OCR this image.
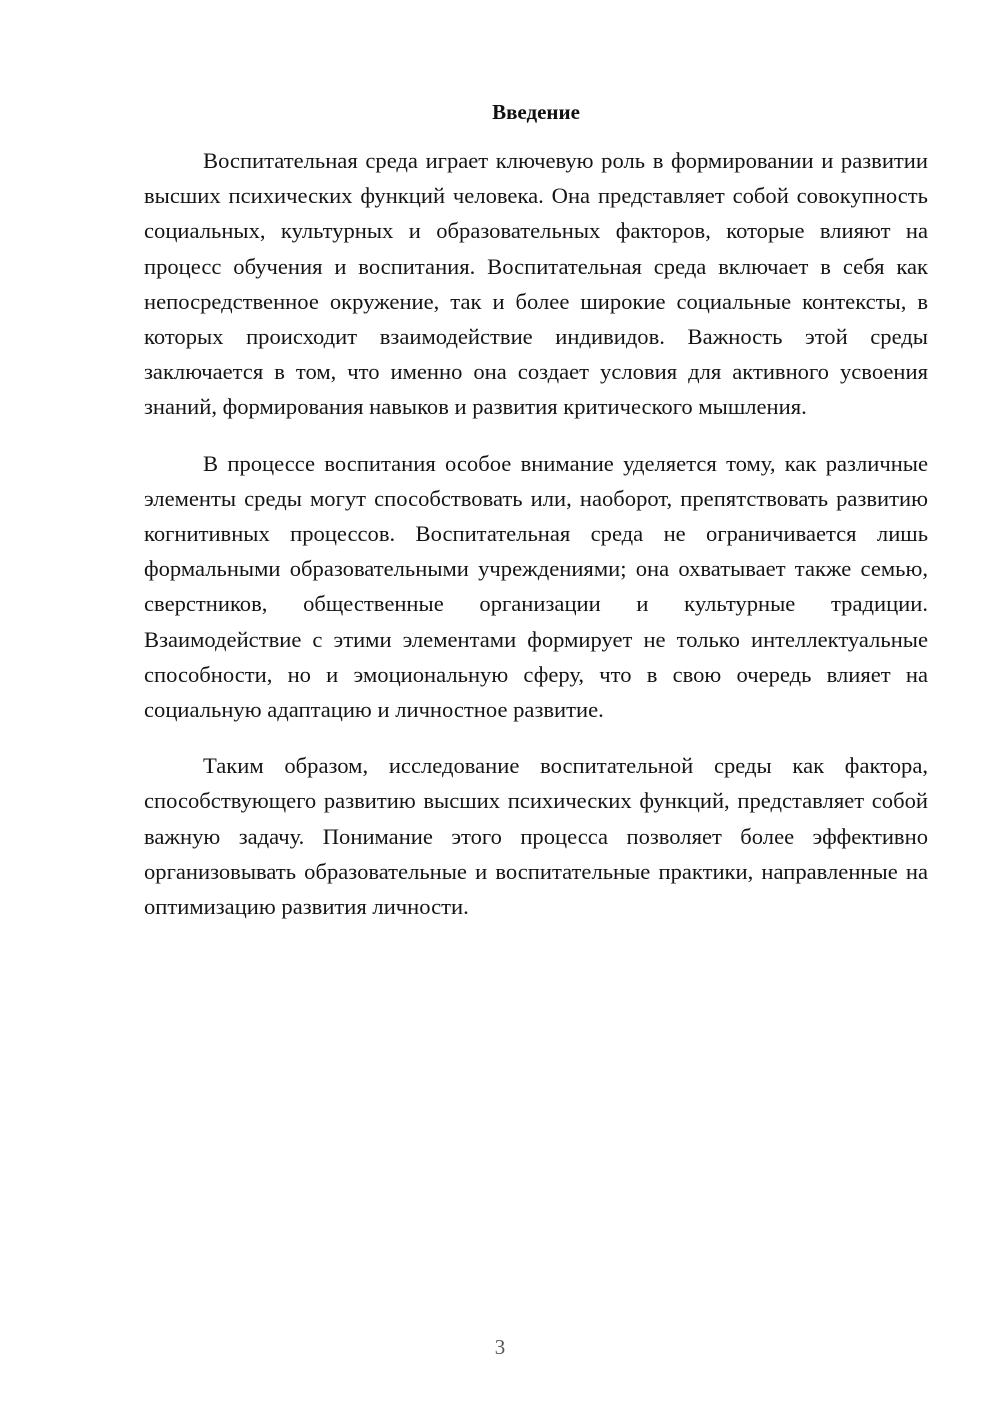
Введение

Воспитательная среда играет ключевую роль в формировании и развитии высших психических функций человека. Она представляет собой совокупность социальных, культурных и образовательных факторов, которые влияют на процесс обучения и воспитания. Воспитательная среда включает в себя как непосредственное окружение, так и более широкие социальные контексты, в которых происходит взаимодействие индивидов. Важность этой среды заключается в том, что именно она создает условия для активного усвоения знаний, формирования навыков и развития критического мышления.

В процессе воспитания особое внимание уделяется тому, как различные элементы среды могут способствовать или, наоборот, препятствовать развитию когнитивных процессов. Воспитательная среда не ограничивается лишь формальными образовательными учреждениями; она охватывает также семью, сверстников, общественные организации и культурные традиции. Взаимодействие с этими элементами формирует не только интеллектуальные способности, но и эмоциональную сферу, что в свою очередь влияет на социальную адаптацию и личностное развитие.

Таким образом, исследование воспитательной среды как фактора, способствующего развитию высших психических функций, представляет собой важную задачу. Понимание этого процесса позволяет более эффективно организовывать образовательные и воспитательные практики, направленные на оптимизацию развития личности.

3
